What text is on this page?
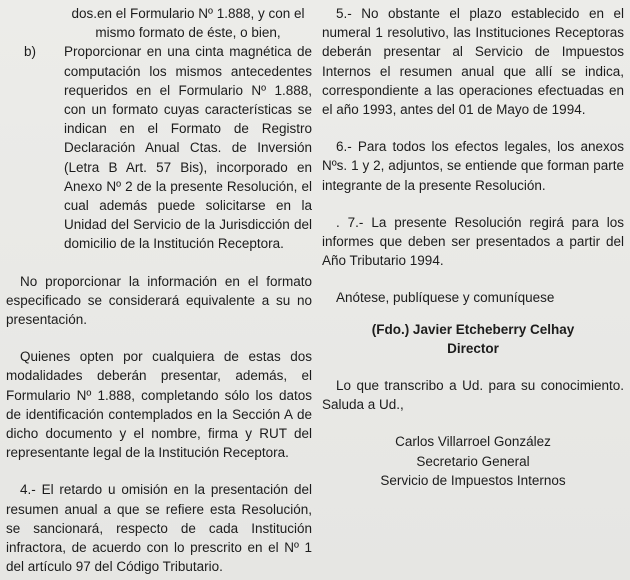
dos.en el Formulario Nº 1.888, y con el
mismo formato de éste, o bien,

b) Proporcionar en una cinta magnética de computación los mismos antecedentes requeridos en el Formulario Nº 1.888, con un formato cuyas características se indican en el Formato de Registro Declaración Anual Ctas. de Inversión (Letra B Art. 57 Bis), incorporado en Anexo Nº 2 de la presente Resolución, el cual además puede solicitarse en la Unidad del Servicio de la Jurisdicción del domicilio de la Institución Receptora.

No proporcionar la información en el formato especificado se considerará equivalente a su no presentación.

Quienes opten por cualquiera de estas dos modalidades deberán presentar, además, el Formulario Nº 1.888, completando sólo los datos de identificación contemplados en la Sección A de dicho documento y el nombre, firma y RUT del representante legal de la Institución Receptora.

4.- El retardo u omisión en la presentación del resumen anual a que se refiere esta Resolución, se sancionará, respecto de cada Institución infractora, de acuerdo con lo prescrito en el Nº 1 del artículo 97 del Código Tributario.

5.- No obstante el plazo establecido en el numeral 1 resolutivo, las Instituciones Receptoras deberán presentar al Servicio de Impuestos Internos el resumen anual que allí se indica, correspondiente a las operaciones efectuadas en el año 1993, antes del 01 de Mayo de 1994.

6.- Para todos los efectos legales, los anexos Nºs. 1 y 2, adjuntos, se entiende que forman parte integrante de la presente Resolución.

. 7.- La presente Resolución regirá para los informes que deben ser presentados a partir del Año Tributario 1994.

Anótese, publíquese y comuníquese

(Fdo.) Javier Etcheberry Celhay

Director

Lo que transcribo a Ud. para su conocimiento. Saluda a Ud.,

Carlos Villarroel González

Secretario General

Servicio de Impuestos Internos
